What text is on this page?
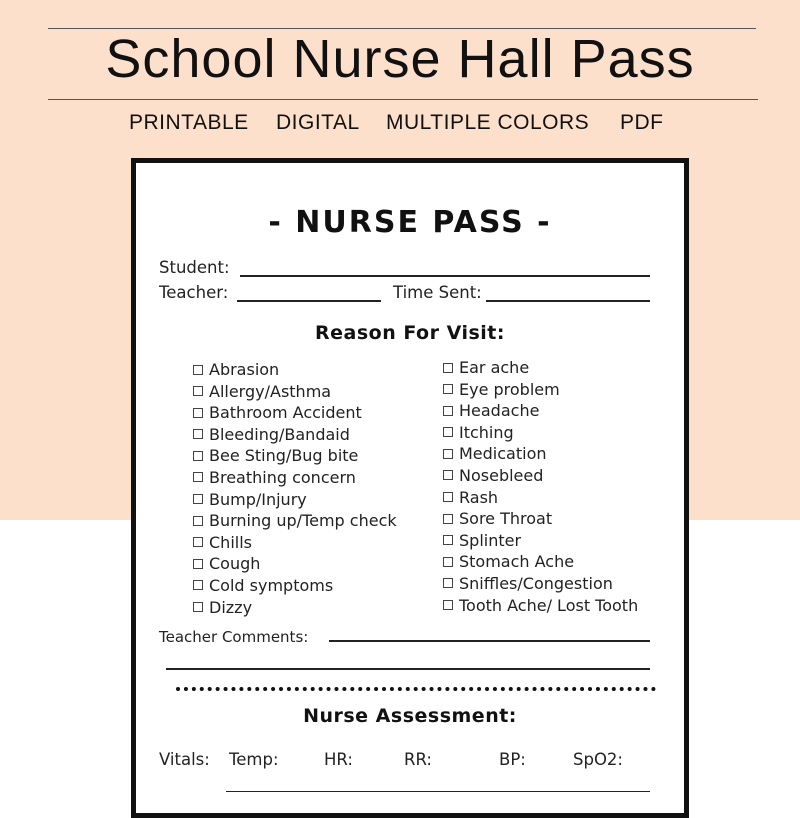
School Nurse Hall Pass
PRINTABLE DIGITAL MULTIPLE COLORS PDF
- NURSE PASS -
Student:
Teacher:	Time Sent:
Reason For Visit:
Abrasion
Allergy/Asthma
Bathroom Accident
Bleeding/Bandaid
Bee Sting/Bug bite
Breathing concern
Bump/Injury
Burning up/Temp check
Chills
Cough
Cold symptoms
Dizzy
Ear ache
Eye problem
Headache
Itching
Medication
Nosebleed
Rash
Sore Throat
Splinter
Stomach Ache
Sniffles/Congestion
Tooth Ache/ Lost Tooth
Teacher Comments:
Nurse Assessment:
Vitals: Temp:	HR:	RR:	BP:	SpO2:
